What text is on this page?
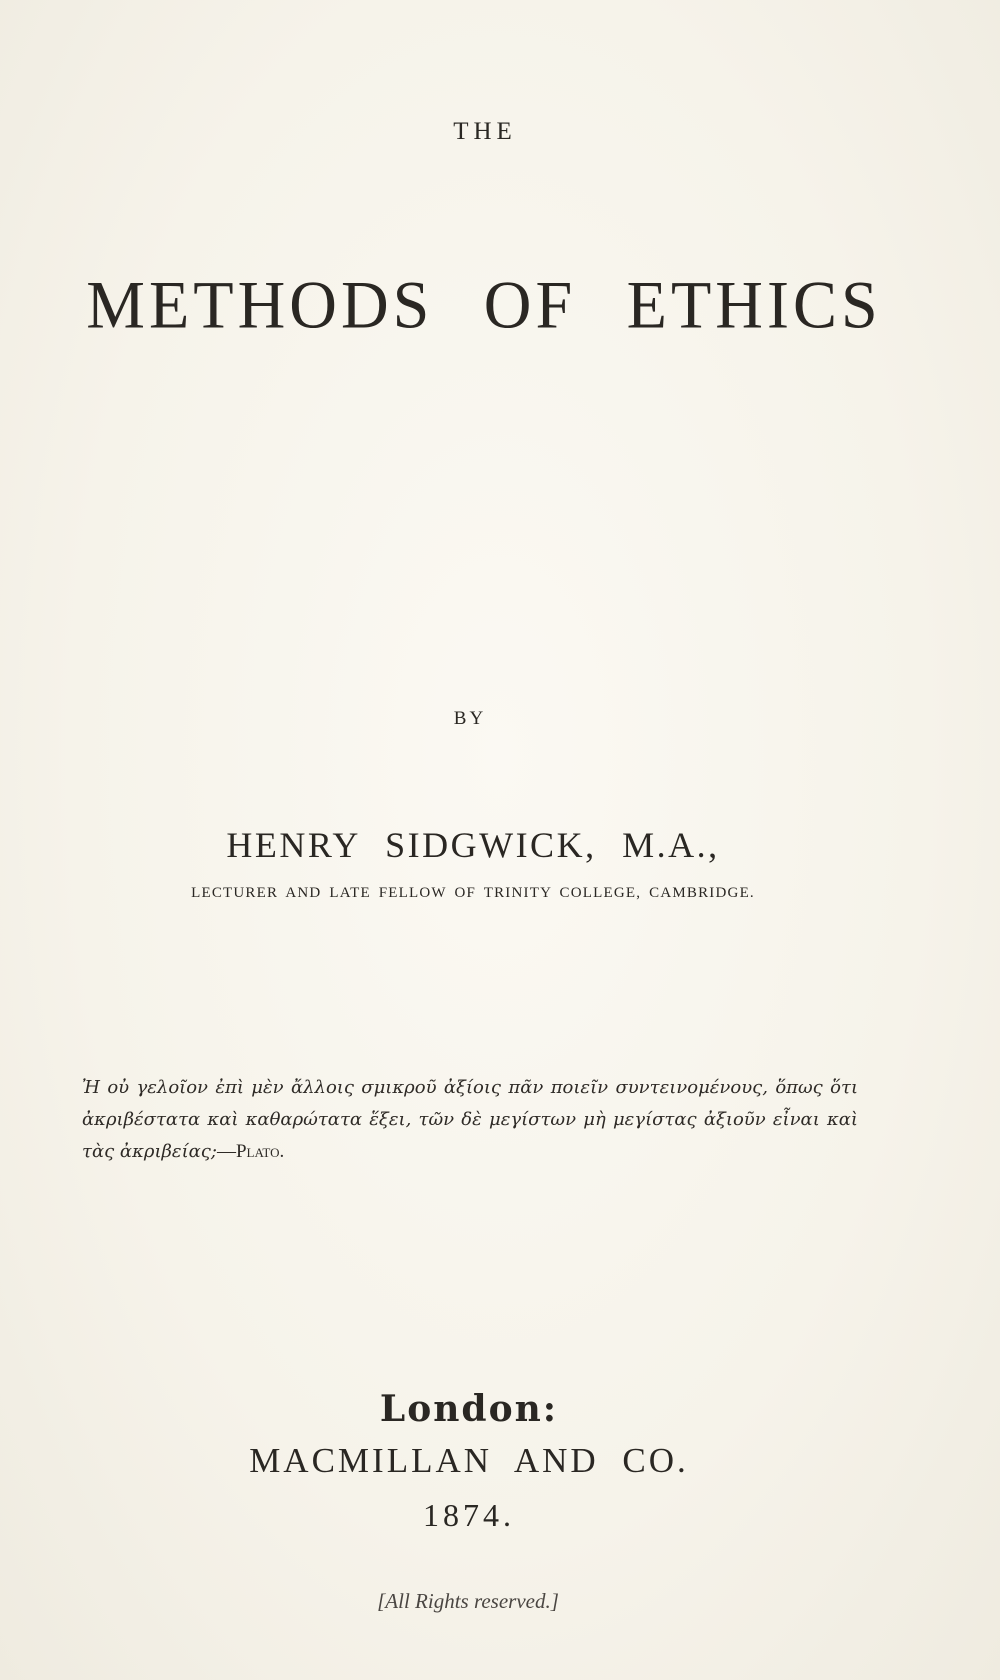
THE
METHODS OF ETHICS
BY
HENRY SIDGWICK, M.A.,
LECTURER AND LATE FELLOW OF TRINITY COLLEGE, CAMBRIDGE.
Ἠ οὐ γελοῖον ἐπὶ μὲν ἄλλοις σμικροῦ ἀξίοις πᾶν ποιεῖν συντεινομένους, ὅπως ὅτι ἀκριβέστατα καὶ καθαρώτατα ἕξει, τῶν δὲ μεγίστων μὴ μεγίστας ἀξιοῦν εἶναι καὶ τὰς ἀκριβείας;—Plato.
London:
MACMILLAN AND CO.
1874.
[All Rights reserved.]
